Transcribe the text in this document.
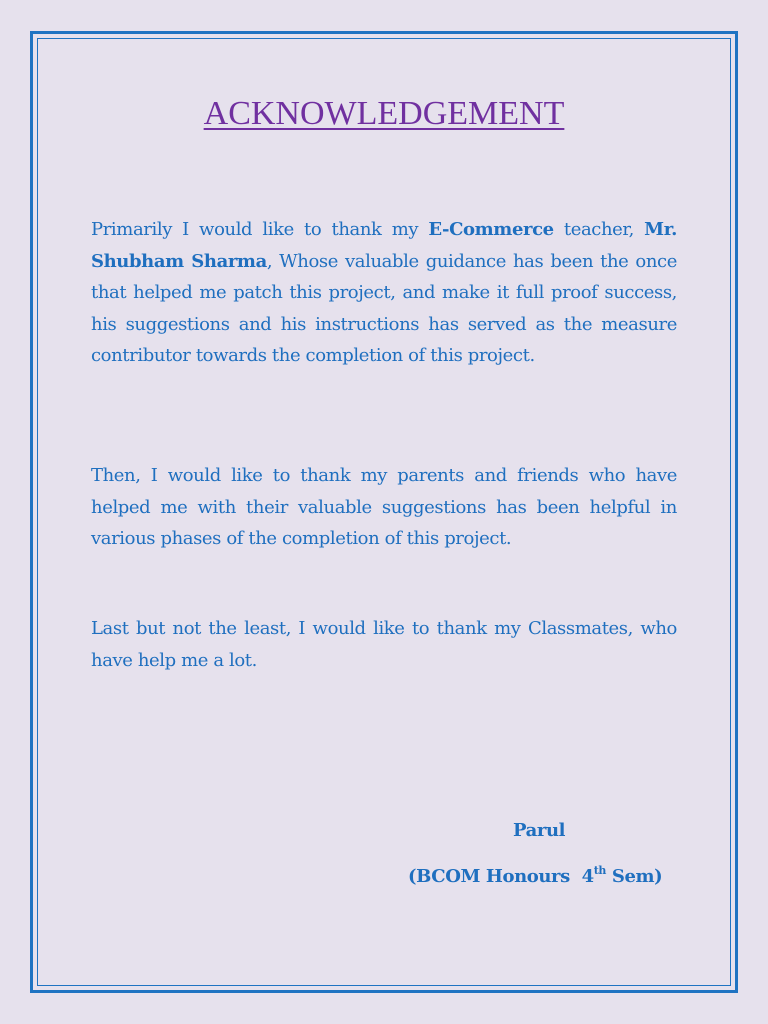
ACKNOWLEDGEMENT
Primarily I would like to thank my E-Commerce teacher, Mr. Shubham Sharma, Whose valuable guidance has been the once that helped me patch this project, and make it full proof success, his suggestions and his instructions has served as the measure contributor towards the completion of this project.
Then, I would like to thank my parents and friends who have helped me with their valuable suggestions has been helpful in various phases of the completion of this project.
Last but not the least, I would like to thank my Classmates, who have help me a lot.
Parul
(BCOM Honours  4th Sem)
